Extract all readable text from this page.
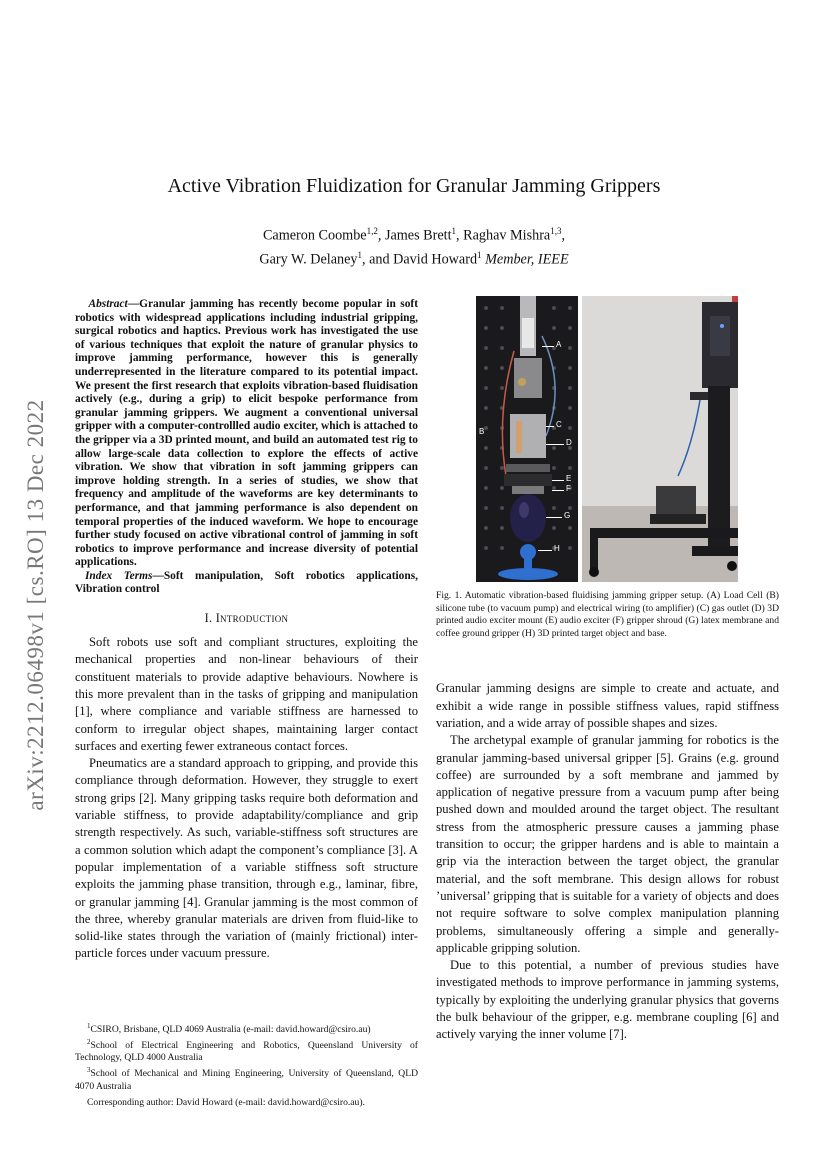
arXiv:2212.06498v1 [cs.RO] 13 Dec 2022
Active Vibration Fluidization for Granular Jamming Grippers
Cameron Coombe$^{1,2}$, James Brett$^1$, Raghav Mishra$^{1,3}$,
Gary W. Delaney$^1$, and David Howard$^1$ Member, IEEE

Abstract—Granular jamming has recently become popular in soft robotics with widespread applications including industrial gripping, surgical robotics and haptics. Previous work has investigated the use of various techniques that exploit the nature of granular physics to improve jamming performance, however this is generally underrepresented in the literature compared to its potential impact. We present the first research that exploits vibration-based fluidisation actively (e.g., during a grip) to elicit bespoke performance from granular jamming grippers. We augment a conventional universal gripper with a computer-controllled audio exciter, which is attached to the gripper via a 3D printed mount, and build an automated test rig to allow large-scale data collection to explore the effects of active vibration. We show that vibration in soft jamming grippers can improve holding strength. In a series of studies, we show that frequency and amplitude of the waveforms are key determinants to performance, and that jamming performance is also dependent on temporal properties of the induced waveform. We hope to encourage further study focused on active vibrational control of jamming in soft robotics to improve performance and increase diversity of potential applications.

Index Terms—Soft manipulation, Soft robotics applications, Vibration control

I. Introduction

Soft robots use soft and compliant structures, exploiting the mechanical properties and non-linear behaviours of their constituent materials to provide adaptive behaviours. Nowhere is this more prevalent than in the tasks of gripping and manipulation [1], where compliance and variable stiffness are harnessed to conform to irregular object shapes, maintaining larger contact surfaces and exerting fewer extraneous contact forces.

Pneumatics are a standard approach to gripping, and provide this compliance through deformation. However, they struggle to exert strong grips [2]. Many gripping tasks require both deformation and variable stiffness, to provide adaptability/compliance and grip strength respectively. As such, variable-stiffness soft structures are a common solution which adapt the component’s compliance [3]. A popular implementation of a variable stiffness soft structure exploits the jamming phase transition, through e.g., laminar, fibre, or granular jamming [4]. Granular jamming is the most common of the three, whereby granular materials are driven from fluid-like to solid-like states through the variation of (mainly frictional) inter-particle forces under vacuum pressure.

$^1$CSIRO, Brisbane, QLD 4069 Australia (e-mail: david.howard@csiro.au)

$^2$School of Electrical Engineering and Robotics, Queensland University of Technology, QLD 4000 Australia

$^3$School of Mechanical and Mining Engineering, University of Queensland, QLD 4070 Australia

Corresponding author: David Howard (e-mail: david.howard@csiro.au).

A
B
C
D
E
F
G
H

Fig. 1. Automatic vibration-based fluidising jamming gripper setup. (A) Load Cell (B) silicone tube (to vacuum pump) and electrical wiring (to amplifier) (C) gas outlet (D) 3D printed audio exciter mount (E) audio exciter (F) gripper shroud (G) latex membrane and coffee ground gripper (H) 3D printed target object and base.

Granular jamming designs are simple to create and actuate, and exhibit a wide range in possible stiffness values, rapid stiffness variation, and a wide array of possible shapes and sizes.

The archetypal example of granular jamming for robotics is the granular jamming-based universal gripper [5]. Grains (e.g. ground coffee) are surrounded by a soft membrane and jammed by application of negative pressure from a vacuum pump after being pushed down and moulded around the target object. The resultant stress from the atmospheric pressure causes a jamming phase transition to occur; the gripper hardens and is able to maintain a grip via the interaction between the target object, the granular material, and the soft membrane. This design allows for robust ’universal’ gripping that is suitable for a variety of objects and does not require software to solve complex manipulation planning problems, simultaneously offering a simple and generally-applicable gripping solution.

Due to this potential, a number of previous studies have investigated methods to improve performance in jamming systems, typically by exploiting the underlying granular physics that governs the bulk behaviour of the gripper, e.g. membrane coupling [6] and actively varying the inner volume [7].
